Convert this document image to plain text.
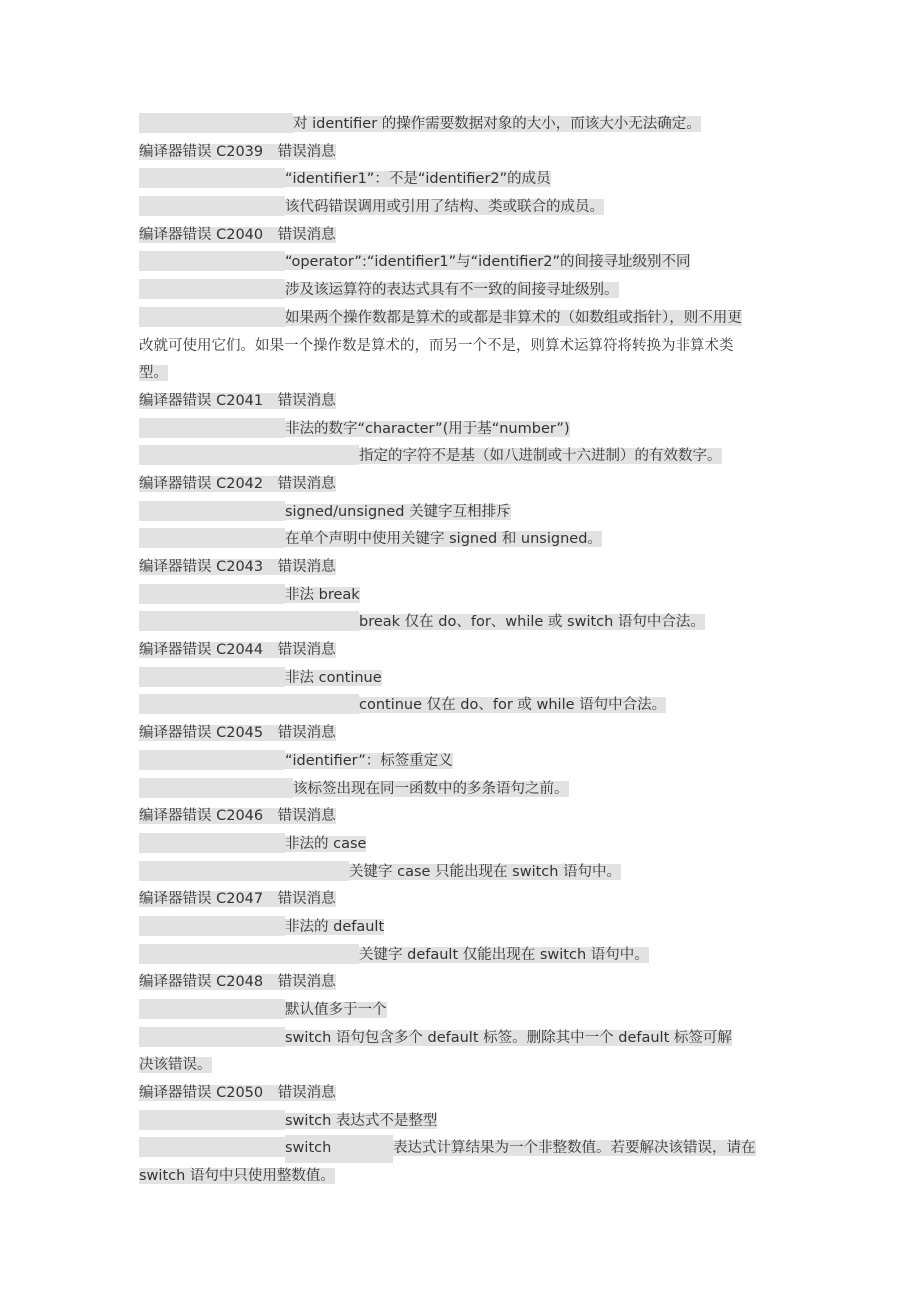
对 identifier 的操作需要数据对象的大小，而该大小无法确定。
编译器错误 C2039　错误消息
“identifier1”：不是“identifier2”的成员
该代码错误调用或引用了结构、类或联合的成员。
编译器错误 C2040　错误消息
“operator”:“identifier1”与“identifier2”的间接寻址级别不同
涉及该运算符的表达式具有不一致的间接寻址级别。
如果两个操作数都是算术的或都是非算术的（如数组或指针），则不用更
改就可使用它们。如果一个操作数是算术的，而另一个不是，则算术运算符将转换为非算术类
型。
编译器错误 C2041　错误消息
非法的数字“character”(用于基“number”)
指定的字符不是基（如八进制或十六进制）的有效数字。
编译器错误 C2042　错误消息
signed/unsigned 关键字互相排斥
在单个声明中使用关键字 signed 和 unsigned。
编译器错误 C2043　错误消息
非法 break
break 仅在 do、for、while 或 switch 语句中合法。
编译器错误 C2044　错误消息
非法 continue
continue 仅在 do、for 或 while 语句中合法。
编译器错误 C2045　错误消息
“identifier”：标签重定义
该标签出现在同一函数中的多条语句之前。
编译器错误 C2046　错误消息
非法的 case
关键字 case 只能出现在 switch 语句中。
编译器错误 C2047　错误消息
非法的 default
关键字 default 仅能出现在 switch 语句中。
编译器错误 C2048　错误消息
默认值多于一个
switch 语句包含多个 default 标签。删除其中一个 default 标签可解
决该错误。
编译器错误 C2050　错误消息
switch 表达式不是整型
switch	表达式计算结果为一个非整数值。若要解决该错误，请在
switch 语句中只使用整数值。
